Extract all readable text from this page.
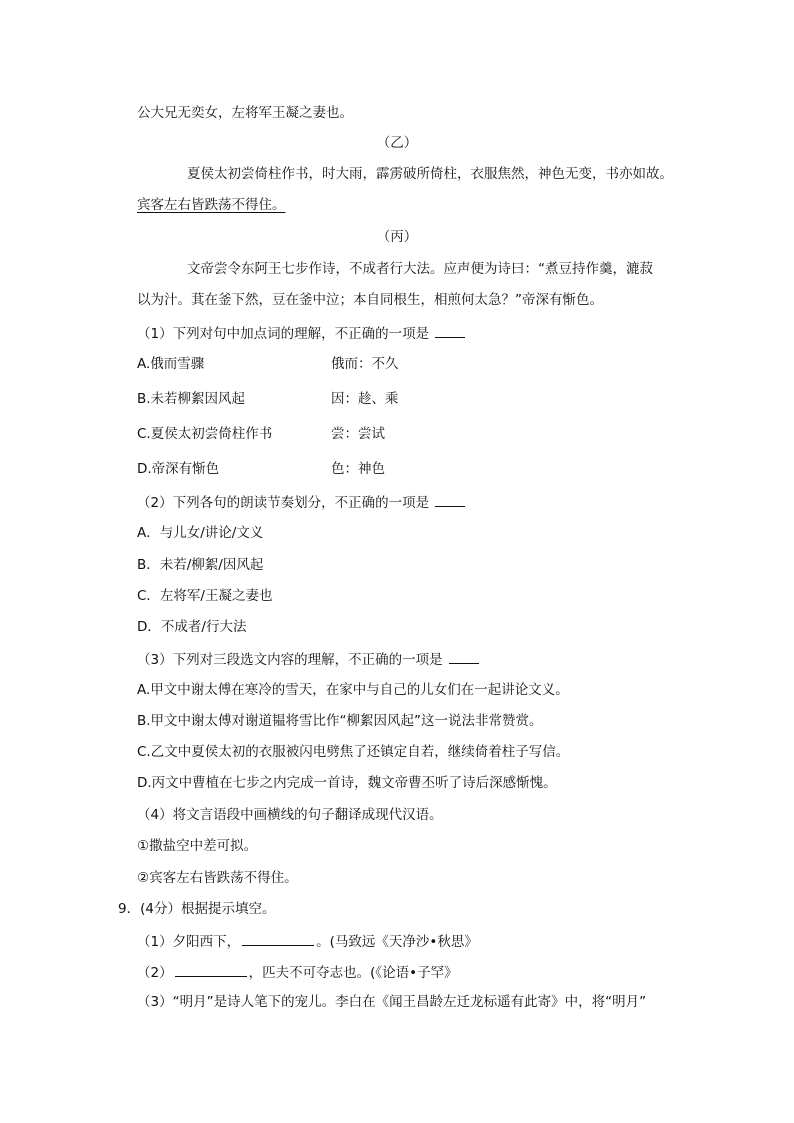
公大兄无奕女，左将军王凝之妻也。
（乙）
夏侯太初尝倚柱作书，时大雨，霹雳破所倚柱，衣服焦然，神色无变，书亦如故。
宾客左右皆跌荡不得住。
（丙）
文帝尝令东阿王七步作诗，不成者行大法。应声便为诗曰：“煮豆持作羹，漉菽
以为汁。萁在釜下然，豆在釜中泣；本自同根生，相煎何太急？”帝深有惭色。
（1）下列对句中加点词的理解，不正确的一项是
A.俄而雪骤	俄而：不久
B.未若柳絮因风起	因：趁、乘
C.夏侯太初尝倚柱作书	尝：尝试
D.帝深有惭色	色：神色
（2）下列各句的朗读节奏划分，不正确的一项是
A．与儿女/讲论/文义
B．未若/柳絮/因风起
C．左将军/王凝之妻也
D．不成者/行大法
（3）下列对三段选文内容的理解，不正确的一项是
A.甲文中谢太傅在寒冷的雪天，在家中与自己的儿女们在一起讲论文义。
B.甲文中谢太傅对谢道韫将雪比作“柳絮因风起”这一说法非常赞赏。
C.乙文中夏侯太初的衣服被闪电劈焦了还镇定自若，继续倚着柱子写信。
D.丙文中曹植在七步之内完成一首诗，魏文帝曹丕听了诗后深感惭愧。
（4）将文言语段中画横线的句子翻译成现代汉语。
①撒盐空中差可拟。
②宾客左右皆跌荡不得住。
9．(4分）根据提示填空。
（1）夕阳西下，	。(马致远《天净沙•秋思》
（2）	，匹夫不可夺志也。(《论语•子罕》
（3）“明月”是诗人笔下的宠儿。李白在《闻王昌龄左迁龙标遥有此寄》中，将“明月”
